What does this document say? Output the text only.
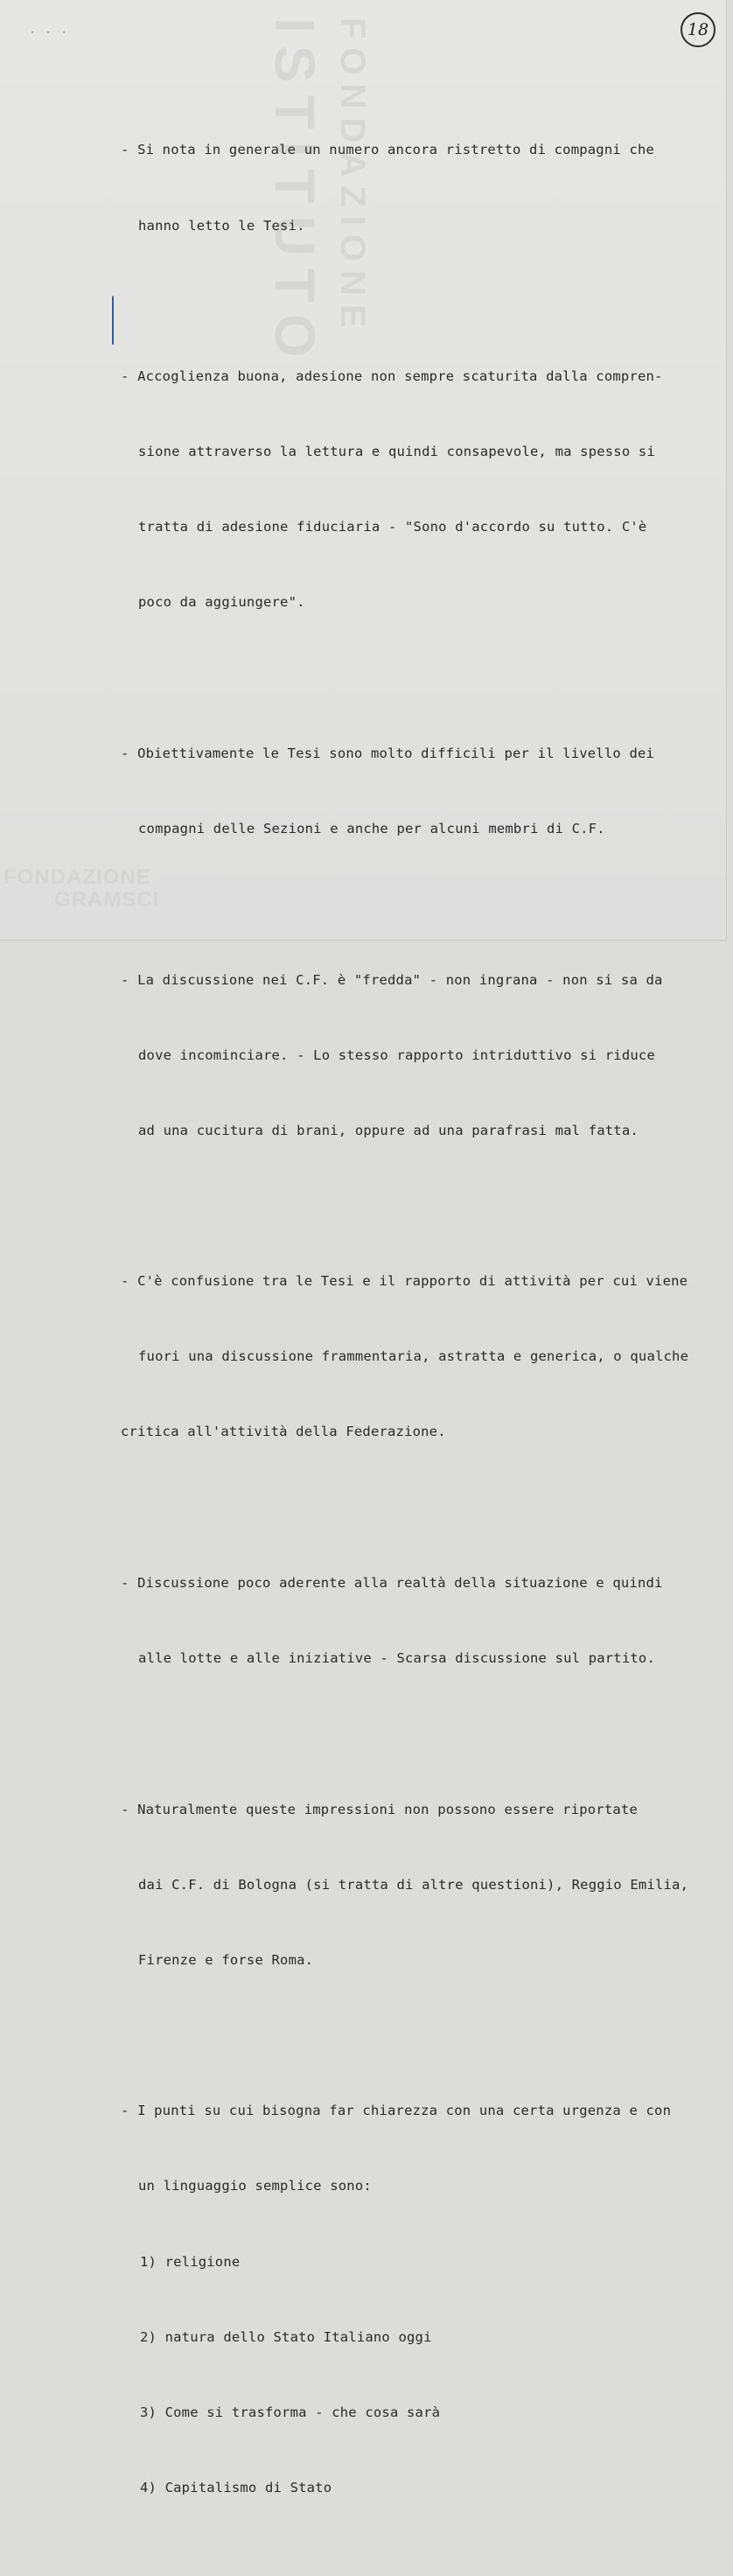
ISTITUTO FONDAZIONE
· · ·	18

- Si nota in generale un numero ancora ristretto di compagni che

hanno letto le Tesi.

- Accoglienza buona, adesione non sempre scaturita dalla compren-

sione attraverso la lettura e quindi consapevole, ma spesso si

tratta di adesione fiduciaria - "Sono d'accordo su tutto. C'è

poco da aggiungere".

- Obiettivamente le Tesi sono molto difficili per il livello dei

compagni delle Sezioni e anche per alcuni membri di C.F.

- La discussione nei C.F. è "fredda" - non ingrana - non si sa da

dove incominciare. - Lo stesso rapporto intriduttivo si riduce

ad una cucitura di brani, oppure ad una parafrasi mal fatta.

- C'è confusione tra le Tesi e il rapporto di attività per cui viene

fuori una discussione frammentaria, astratta e generica, o qualche

critica all'attività della Federazione.

- Discussione poco aderente alla realtà della situazione e quindi

alle lotte e alle iniziative - Scarsa discussione sul partito.

- Naturalmente queste impressioni non possono essere riportate

dai C.F. di Bologna (si tratta di altre questioni), Reggio Emilia,

Firenze e forse Roma.

- I punti su cui bisogna far chiarezza con una certa urgenza e con

un linguaggio semplice sono:

1) religione

2) natura dello Stato Italiano oggi

3) Come si trasforma - che cosa sarà

4) Capitalismo di Stato

FONDAZIONE
GRAMSCI
